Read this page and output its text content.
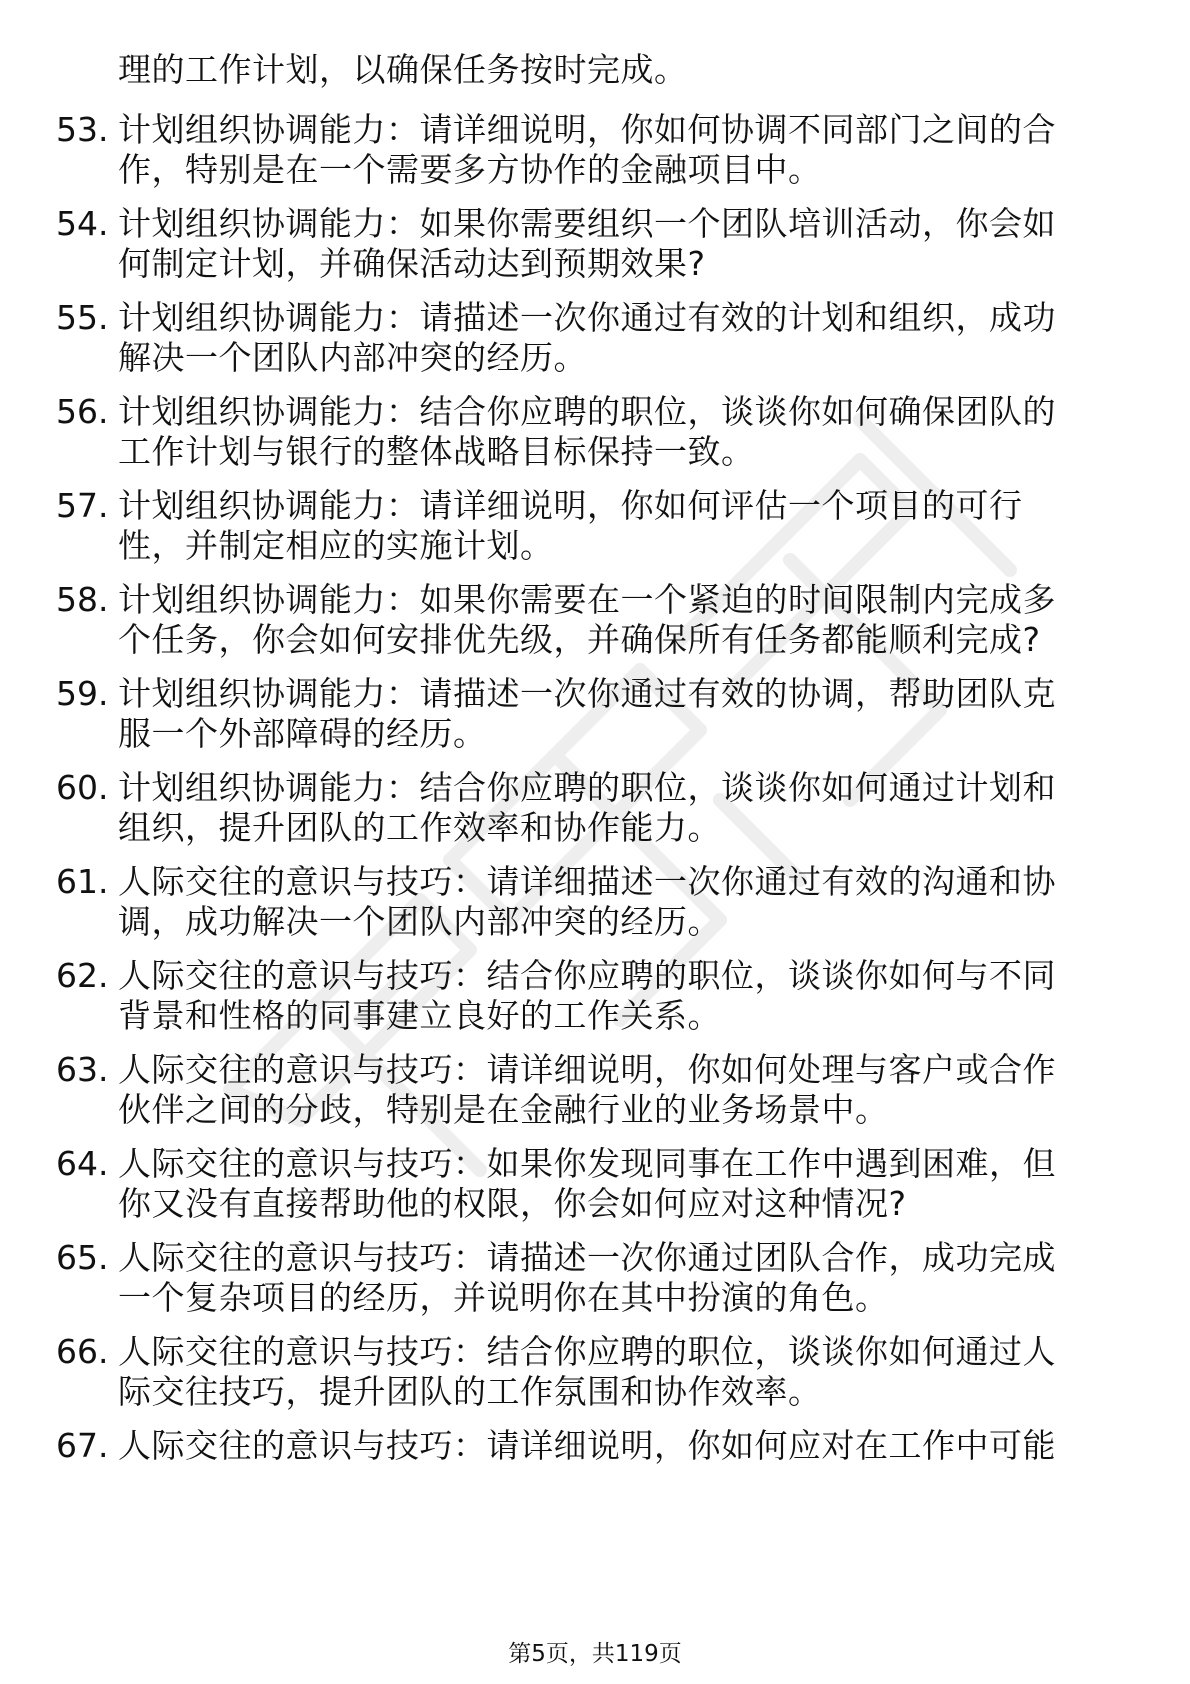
理的工作计划，以确保任务按时完成。
53. 计划组织协调能力：请详细说明，你如何协调不同部门之间的合
作，特别是在一个需要多方协作的金融项目中。
54. 计划组织协调能力：如果你需要组织一个团队培训活动，你会如
何制定计划，并确保活动达到预期效果?
55. 计划组织协调能力：请描述一次你通过有效的计划和组织，成功
解决一个团队内部冲突的经历。
56. 计划组织协调能力：结合你应聘的职位，谈谈你如何确保团队的
工作计划与银行的整体战略目标保持一致。
57. 计划组织协调能力：请详细说明，你如何评估一个项目的可行
性，并制定相应的实施计划。
58. 计划组织协调能力：如果你需要在一个紧迫的时间限制内完成多
个任务，你会如何安排优先级，并确保所有任务都能顺利完成?
59. 计划组织协调能力：请描述一次你通过有效的协调，帮助团队克
服一个外部障碍的经历。
60. 计划组织协调能力：结合你应聘的职位，谈谈你如何通过计划和
组织，提升团队的工作效率和协作能力。
61. 人际交往的意识与技巧：请详细描述一次你通过有效的沟通和协
调，成功解决一个团队内部冲突的经历。
62. 人际交往的意识与技巧：结合你应聘的职位，谈谈你如何与不同
背景和性格的同事建立良好的工作关系。
63. 人际交往的意识与技巧：请详细说明，你如何处理与客户或合作
伙伴之间的分歧，特别是在金融行业的业务场景中。
64. 人际交往的意识与技巧：如果你发现同事在工作中遇到困难，但
你又没有直接帮助他的权限，你会如何应对这种情况?
65. 人际交往的意识与技巧：请描述一次你通过团队合作，成功完成
一个复杂项目的经历，并说明你在其中扮演的角色。
66. 人际交往的意识与技巧：结合你应聘的职位，谈谈你如何通过人
际交往技巧，提升团队的工作氛围和协作效率。
67. 人际交往的意识与技巧：请详细说明，你如何应对在工作中可能
第5页，共119页
